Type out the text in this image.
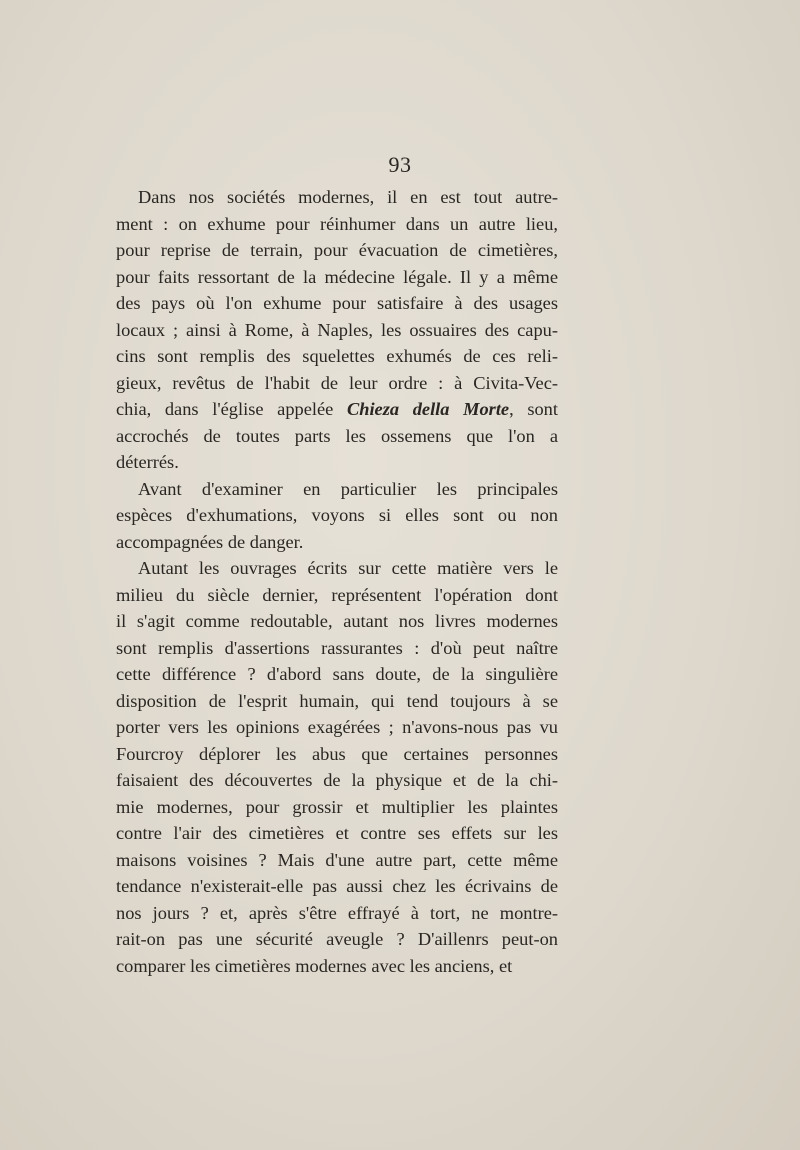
93
Dans nos sociétés modernes, il en est tout autre-
ment : on exhume pour réinhumer dans un autre lieu,
pour reprise de terrain, pour évacuation de cimetières,
pour faits ressortant de la médecine légale. Il y a même
des pays où l'on exhume pour satisfaire à des usages
locaux ; ainsi à Rome, à Naples, les ossuaires des capu-
cins sont remplis des squelettes exhumés de ces reli-
gieux, revêtus de l'habit de leur ordre : à Civita-Vec-
chia, dans l'église appelée Chieza della Morte, sont
accrochés de toutes parts les ossemens que l'on a
déterrés.
Avant d'examiner en particulier les principales
espèces d'exhumations, voyons si elles sont ou non
accompagnées de danger.
Autant les ouvrages écrits sur cette matière vers le
milieu du siècle dernier, représentent l'opération dont
il s'agit comme redoutable, autant nos livres modernes
sont remplis d'assertions rassurantes : d'où peut naître
cette différence ? d'abord sans doute, de la singulière
disposition de l'esprit humain, qui tend toujours à se
porter vers les opinions exagérées ; n'avons-nous pas vu
Fourcroy déplorer les abus que certaines personnes
faisaient des découvertes de la physique et de la chi-
mie modernes, pour grossir et multiplier les plaintes
contre l'air des cimetières et contre ses effets sur les
maisons voisines ? Mais d'une autre part, cette même
tendance n'existerait-elle pas aussi chez les écrivains de
nos jours ? et, après s'être effrayé à tort, ne montre-
rait-on pas une sécurité aveugle ? D'aillenrs peut-on
comparer les cimetières modernes avec les anciens, et
